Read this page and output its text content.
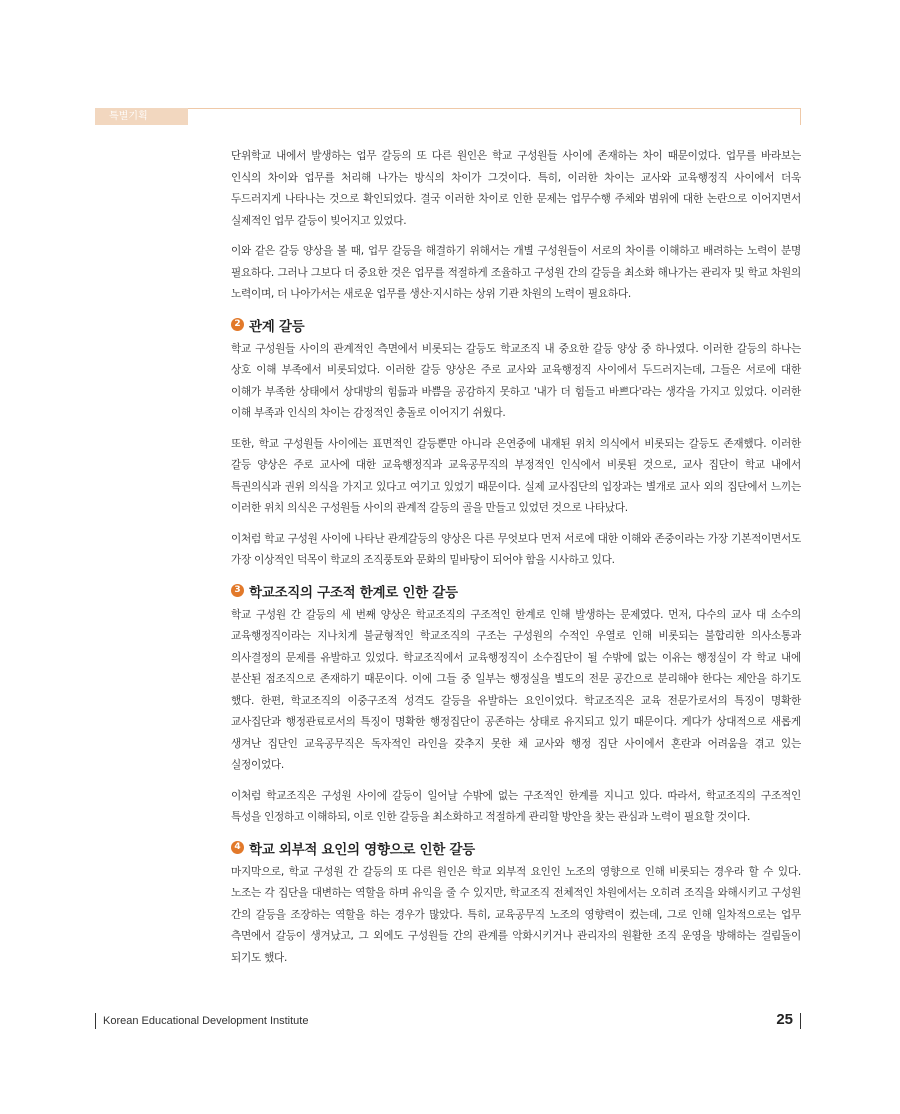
특별기획

단위학교 내에서 발생하는 업무 갈등의 또 다른 원인은 학교 구성원들 사이에 존재하는 차이 때문이었다. 업무를 바라보는 인식의 차이와 업무를 처리해 나가는 방식의 차이가 그것이다. 특히, 이러한 차이는 교사와 교육행정직 사이에서 더욱 두드러지게 나타나는 것으로 확인되었다. 결국 이러한 차이로 인한 문제는 업무수행 주체와 범위에 대한 논란으로 이어지면서 실제적인 업무 갈등이 빚어지고 있었다.

이와 같은 갈등 양상을 볼 때, 업무 갈등을 해결하기 위해서는 개별 구성원들이 서로의 차이를 이해하고 배려하는 노력이 분명 필요하다. 그러나 그보다 더 중요한 것은 업무를 적절하게 조율하고 구성원 간의 갈등을 최소화 해나가는 관리자 및 학교 차원의 노력이며, 더 나아가서는 새로운 업무를 생산·지시하는 상위 기관 차원의 노력이 필요하다.

2 관계 갈등

학교 구성원들 사이의 관계적인 측면에서 비롯되는 갈등도 학교조직 내 중요한 갈등 양상 중 하나였다. 이러한 갈등의 하나는 상호 이해 부족에서 비롯되었다. 이러한 갈등 양상은 주로 교사와 교육행정직 사이에서 두드러지는데, 그들은 서로에 대한 이해가 부족한 상태에서 상대방의 힘듦과 바쁨을 공감하지 못하고 '내가 더 힘들고 바쁘다'라는 생각을 가지고 있었다. 이러한 이해 부족과 인식의 차이는 감정적인 충돌로 이어지기 쉬웠다.

또한, 학교 구성원들 사이에는 표면적인 갈등뿐만 아니라 은연중에 내재된 위치 의식에서 비롯되는 갈등도 존재했다. 이러한 갈등 양상은 주로 교사에 대한 교육행정직과 교육공무직의 부정적인 인식에서 비롯된 것으로, 교사 집단이 학교 내에서 특권의식과 권위 의식을 가지고 있다고 여기고 있었기 때문이다. 실제 교사집단의 입장과는 별개로 교사 외의 집단에서 느끼는 이러한 위치 의식은 구성원들 사이의 관계적 갈등의 골을 만들고 있었던 것으로 나타났다.

이처럼 학교 구성원 사이에 나타난 관계갈등의 양상은 다른 무엇보다 먼저 서로에 대한 이해와 존중이라는 가장 기본적이면서도 가장 이상적인 덕목이 학교의 조직풍토와 문화의 밑바탕이 되어야 함을 시사하고 있다.

3 학교조직의 구조적 한계로 인한 갈등

학교 구성원 간 갈등의 세 번째 양상은 학교조직의 구조적인 한계로 인해 발생하는 문제였다. 먼저, 다수의 교사 대 소수의 교육행정직이라는 지나치게 불균형적인 학교조직의 구조는 구성원의 수적인 우열로 인해 비롯되는 불합리한 의사소통과 의사결정의 문제를 유발하고 있었다. 학교조직에서 교육행정직이 소수집단이 될 수밖에 없는 이유는 행정실이 각 학교 내에 분산된 점조직으로 존재하기 때문이다. 이에 그들 중 일부는 행정실을 별도의 전문 공간으로 분리해야 한다는 제안을 하기도 했다. 한편, 학교조직의 이중구조적 성격도 갈등을 유발하는 요인이었다. 학교조직은 교육 전문가로서의 특징이 명확한 교사집단과 행정관료로서의 특징이 명확한 행정집단이 공존하는 상태로 유지되고 있기 때문이다. 게다가 상대적으로 새롭게 생겨난 집단인 교육공무직은 독자적인 라인을 갖추지 못한 채 교사와 행정 집단 사이에서 혼란과 어려움을 겪고 있는 실정이었다.

이처럼 학교조직은 구성원 사이에 갈등이 일어날 수밖에 없는 구조적인 한계를 지니고 있다. 따라서, 학교조직의 구조적인 특성을 인정하고 이해하되, 이로 인한 갈등을 최소화하고 적절하게 관리할 방안을 찾는 관심과 노력이 필요할 것이다.

4 학교 외부적 요인의 영향으로 인한 갈등

마지막으로, 학교 구성원 간 갈등의 또 다른 원인은 학교 외부적 요인인 노조의 영향으로 인해 비롯되는 경우라 할 수 있다. 노조는 각 집단을 대변하는 역할을 하며 유익을 줄 수 있지만, 학교조직 전체적인 차원에서는 오히려 조직을 와해시키고 구성원 간의 갈등을 조장하는 역할을 하는 경우가 많았다. 특히, 교육공무직 노조의 영향력이 컸는데, 그로 인해 일차적으로는 업무 측면에서 갈등이 생겨났고, 그 외에도 구성원들 간의 관계를 악화시키거나 관리자의 원활한 조직 운영을 방해하는 걸림돌이 되기도 했다.

Korean Educational Development Institute	25
